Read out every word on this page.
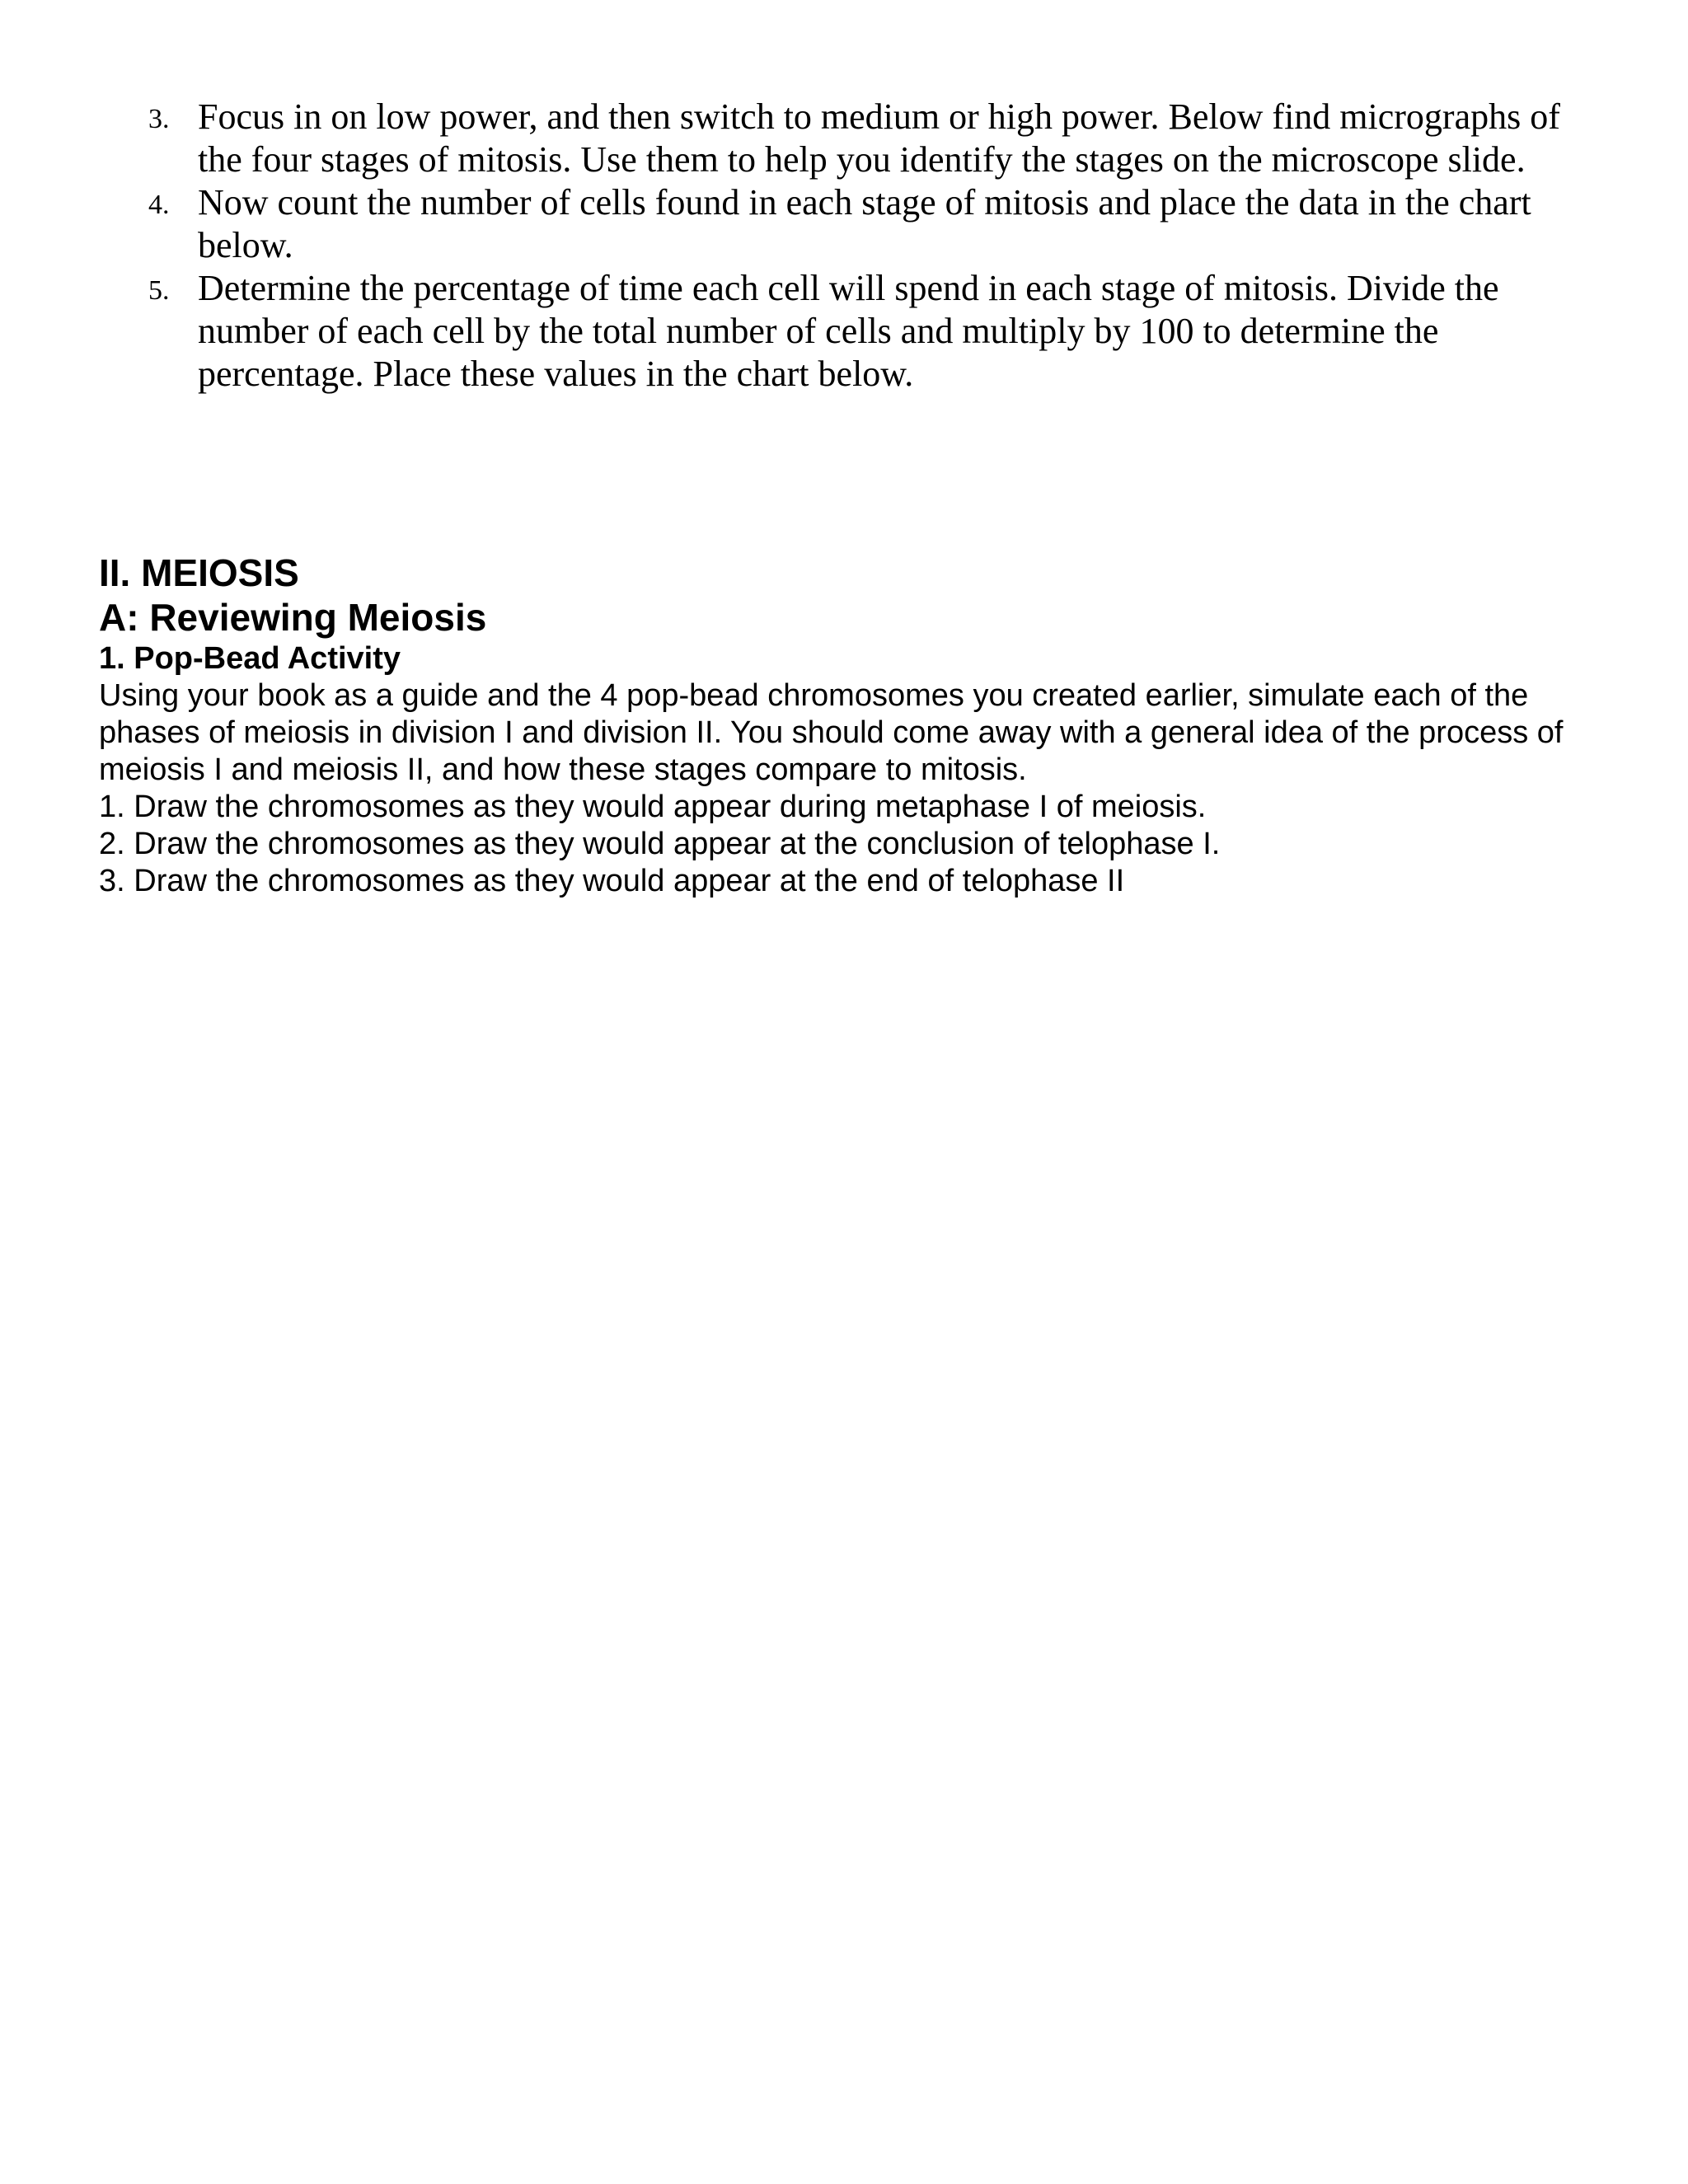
3. Focus in on low power, and then switch to medium or high power. Below find micrographs of the four stages of mitosis. Use them to help you identify the stages on the microscope slide.
4. Now count the number of cells found in each stage of mitosis and place the data in the chart below.
5. Determine the percentage of time each cell will spend in each stage of mitosis. Divide the number of each cell by the total number of cells and multiply by 100 to determine the percentage. Place these values in the chart below.
II. MEIOSIS
A: Reviewing Meiosis
1. Pop-Bead Activity

Using your book as a guide and the 4 pop-bead chromosomes you created earlier, simulate each of the phases of meiosis in division I and division II. You should come away with a general idea of the process of meiosis I and meiosis II, and how these stages compare to mitosis.

1. Draw the chromosomes as they would appear during metaphase I of meiosis.
2. Draw the chromosomes as they would appear at the conclusion of telophase I.
3. Draw the chromosomes as they would appear at the end of telophase II
